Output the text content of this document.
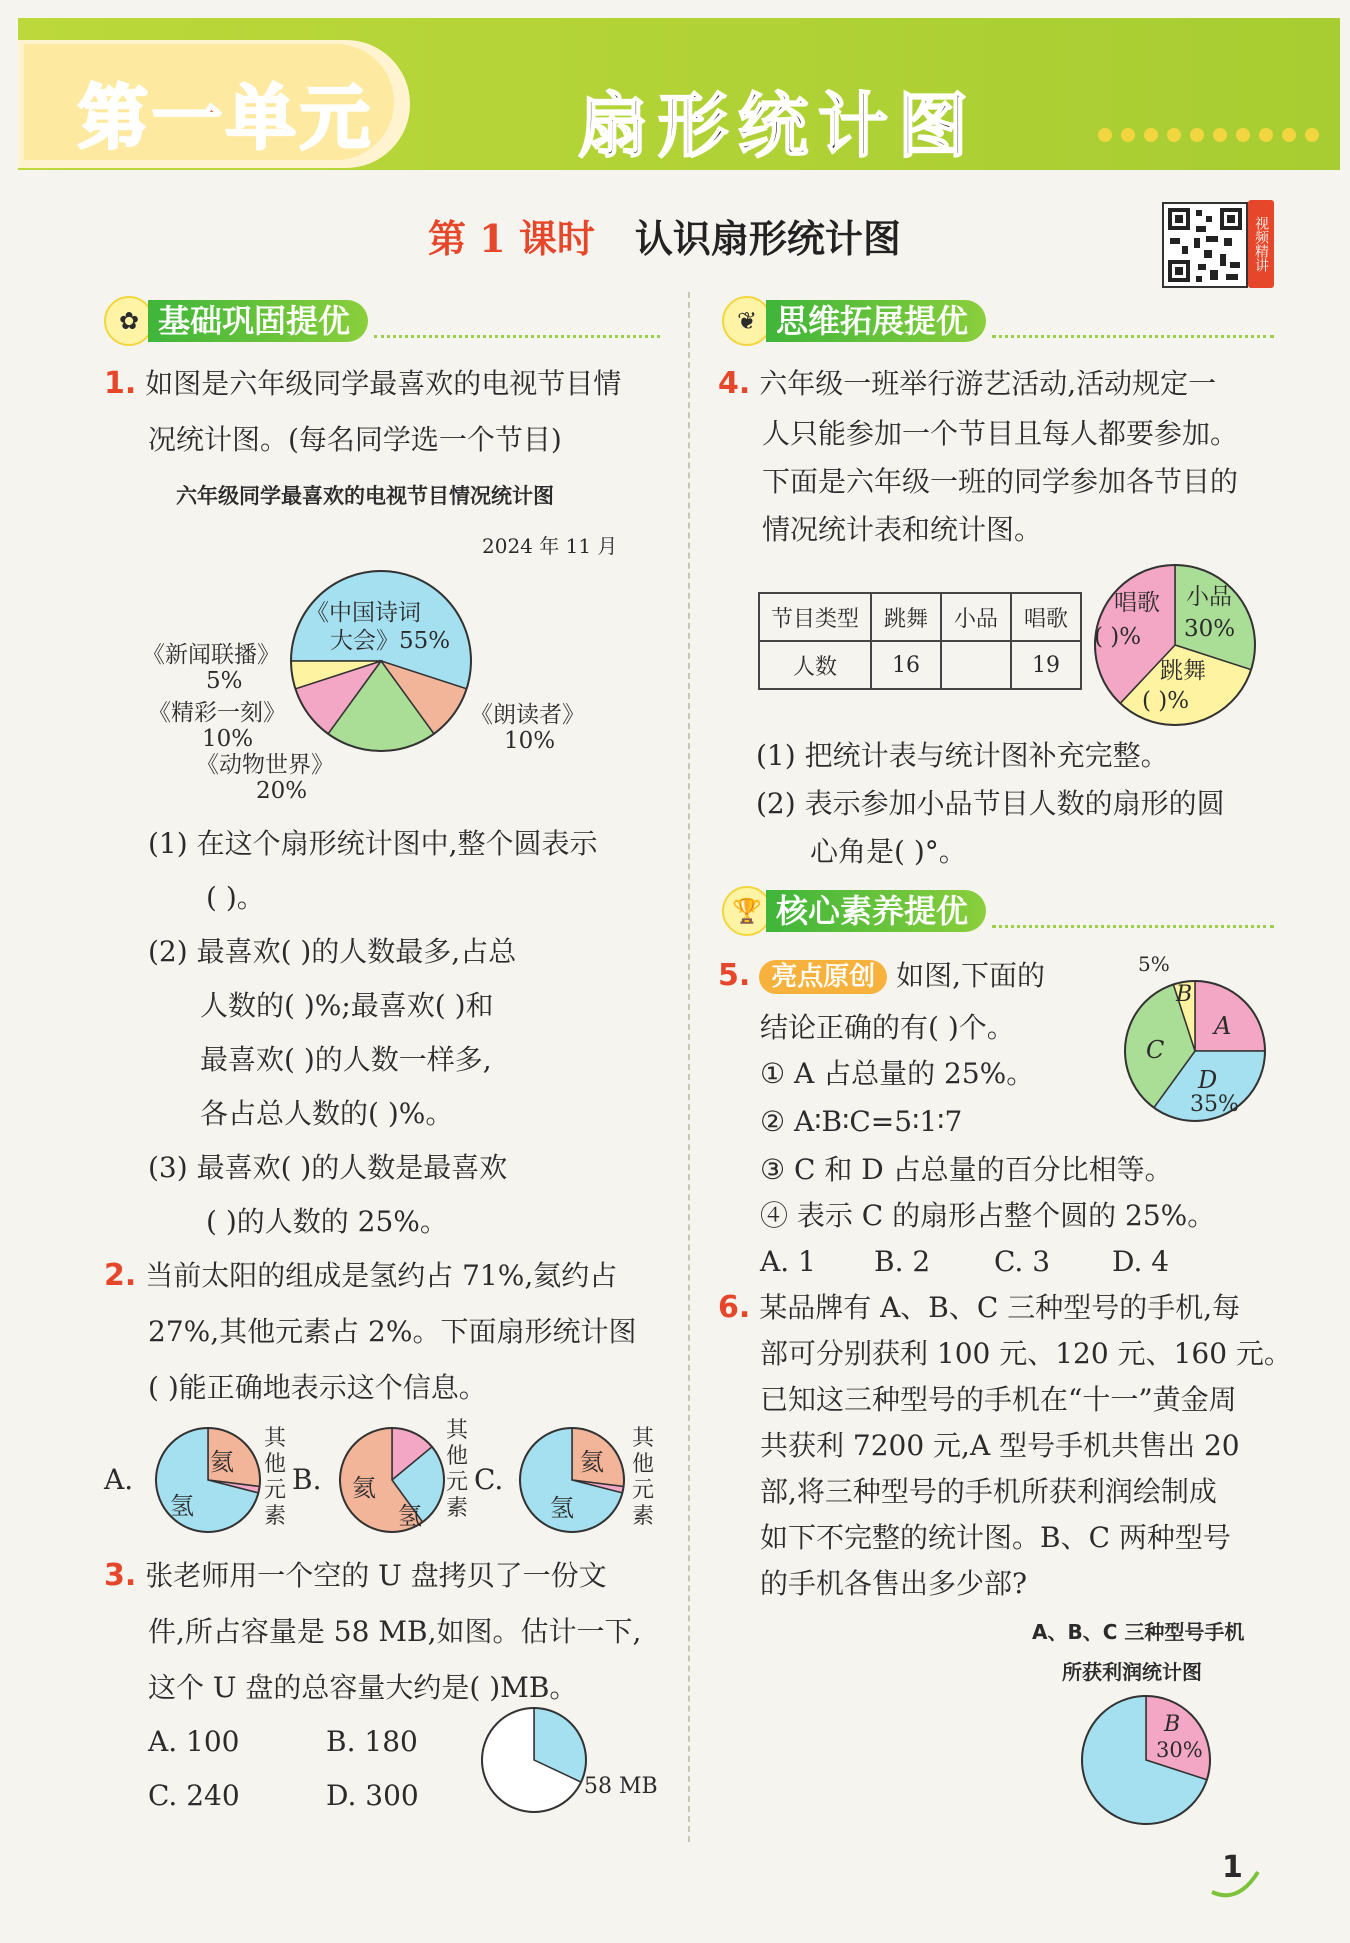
第一单元	扇形统计图
第 1 课时 认识扇形统计图	视频精讲
✿ 基础巩固提优
1. 如图是六年级同学最喜欢的电视节目情
况统计图。(每名同学选一个节目)
六年级同学最喜欢的电视节目情况统计图
2024 年 11 月
《中国诗词
大会》55%
《新闻联播》
5%
《精彩一刻》
10%
《动物世界》
20%
《朗读者》
10%
(1) 在这个扇形统计图中,整个圆表示
( )。
(2) 最喜欢( )的人数最多,占总
人数的( )%;最喜欢( )和
最喜欢( )的人数一样多,
各占总人数的( )%。
(3) 最喜欢( )的人数是最喜欢
( )的人数的 25%。
2. 当前太阳的组成是氢约占 71%,氦约占
27%,其他元素占 2%。下面扇形统计图
( )能正确地表示这个信息。
A.
氦
氢
其他元素
B. 氦
氢
其他元素
C.
氦
氢
其他元素
3. 张老师用一个空的 U 盘拷贝了一份文
件,所占容量是 58 MB,如图。估计一下,
这个 U 盘的总容量大约是( )MB。
A. 100	B. 180
C. 240	D. 300	58 MB
❦ 思维拓展提优
4. 六年级一班举行游艺活动,活动规定一
人只能参加一个节目且每人都要参加。
下面是六年级一班的同学参加各节目的
情况统计表和统计图。
节目类型	跳舞	小品	唱歌
人数	16		19
唱歌
( )%
小品
30%
跳舞
( )%
(1) 把统计表与统计图补充完整。
(2) 表示参加小品节目人数的扇形的圆
心角是( )°。
🏆 核心素养提优
5. 亮点原创 如图,下面的
结论正确的有( )个。
① A 占总量的 25%。
② A∶B∶C=5∶1∶7
③ C 和 D 占总量的百分比相等。
④ 表示 C 的扇形占整个圆的 25%。
A. 1 B. 2 C. 3 D. 4
5%
B
A
C
D
35%
6. 某品牌有 A、B、C 三种型号的手机,每
部可分别获利 100 元、120 元、160 元。
已知这三种型号的手机在“十一”黄金周
共获利 7200 元,A 型号手机共售出 20
部,将三种型号的手机所获利润绘制成
如下不完整的统计图。B、C 两种型号
的手机各售出多少部?
A、B、C 三种型号手机
所获利润统计图
B
30%
1
